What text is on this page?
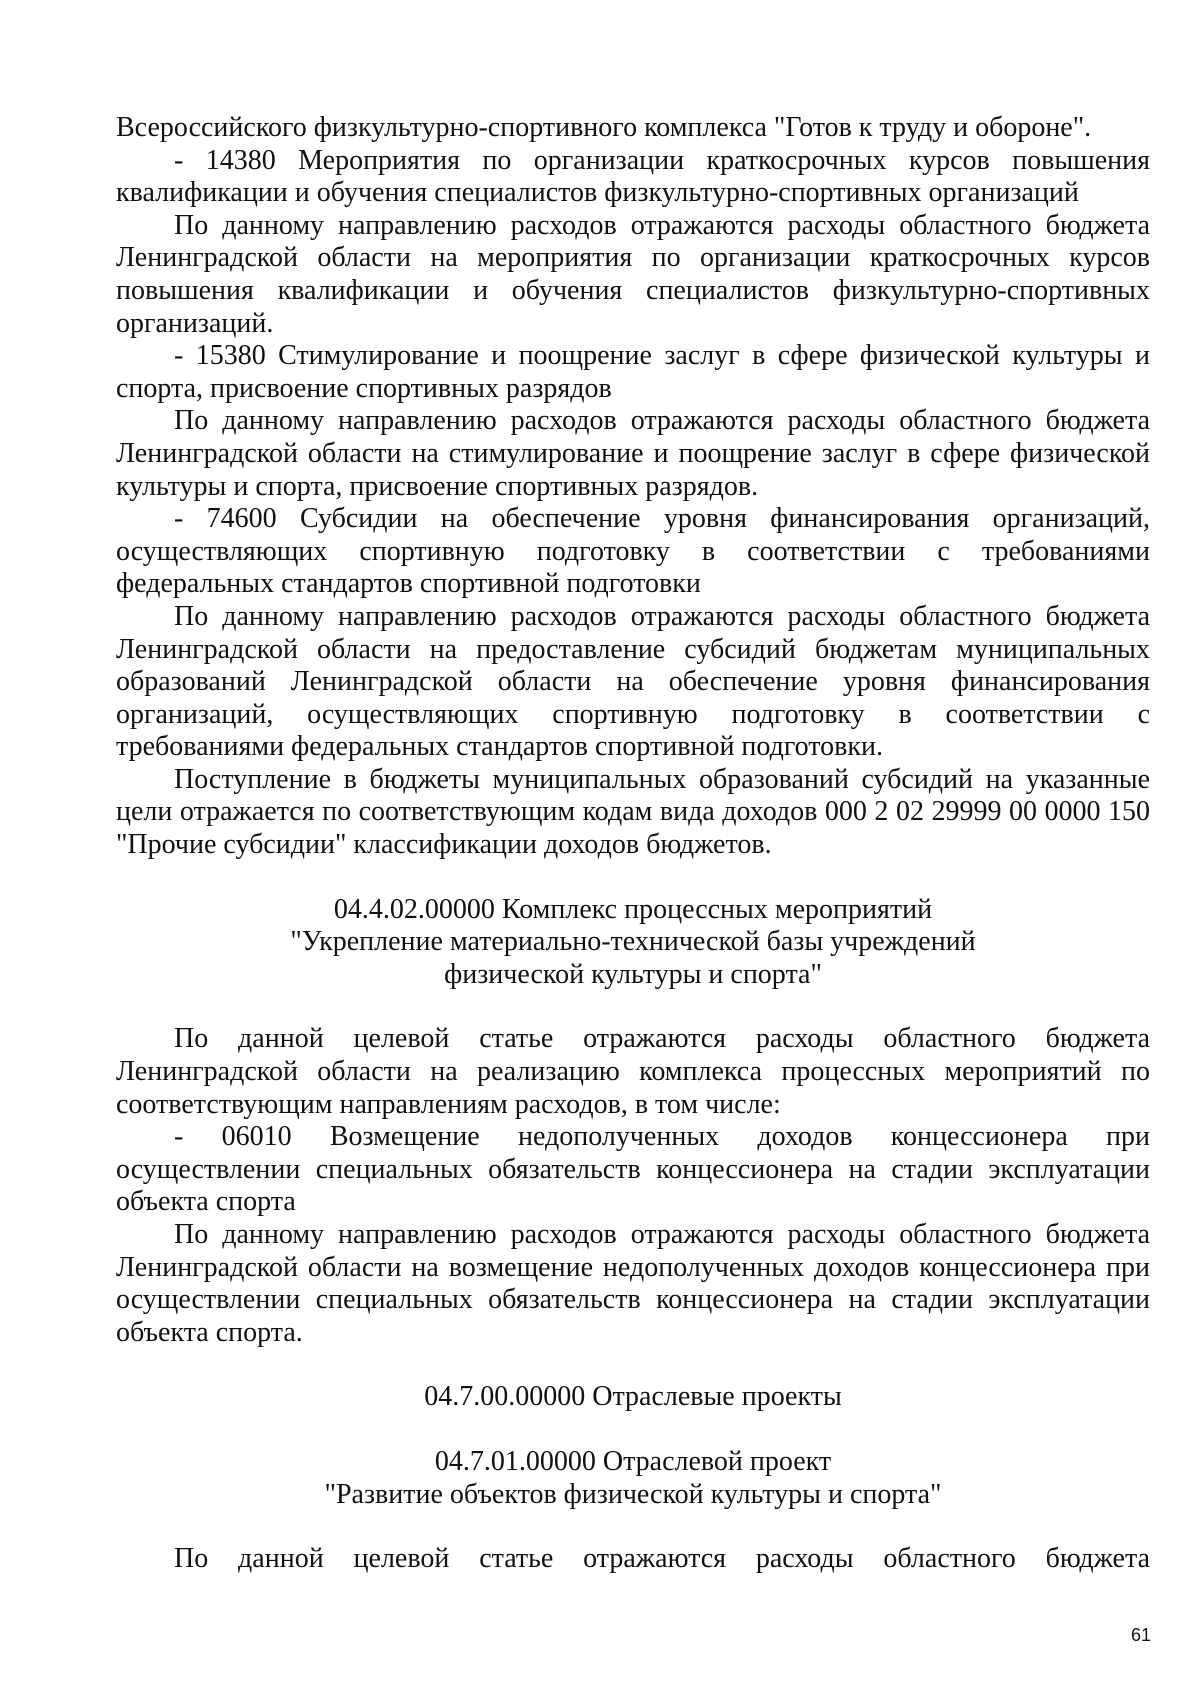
Всероссийского физкультурно-спортивного комплекса "Готов к труду и обороне".

- 14380 Мероприятия по организации краткосрочных курсов повышения квалификации и обучения специалистов физкультурно-спортивных организаций

По данному направлению расходов отражаются расходы областного бюджета Ленинградской области на мероприятия по организации краткосрочных курсов повышения квалификации и обучения специалистов физкультурно-спортивных организаций.

- 15380 Стимулирование и поощрение заслуг в сфере физической культуры и спорта, присвоение спортивных разрядов

По данному направлению расходов отражаются расходы областного бюджета Ленинградской области на стимулирование и поощрение заслуг в сфере физической культуры и спорта, присвоение спортивных разрядов.

- 74600 Субсидии на обеспечение уровня финансирования организаций, осуществляющих спортивную подготовку в соответствии с требованиями федеральных стандартов спортивной подготовки

По данному направлению расходов отражаются расходы областного бюджета Ленинградской области на предоставление субсидий бюджетам муниципальных образований Ленинградской области на обеспечение уровня финансирования организаций, осуществляющих спортивную подготовку в соответствии с требованиями федеральных стандартов спортивной подготовки.

Поступление в бюджеты муниципальных образований субсидий на указанные цели отражается по соответствующим кодам вида доходов 000 2 02 29999 00 0000 150 "Прочие субсидии" классификации доходов бюджетов.

04.4.02.00000 Комплекс процессных мероприятий
"Укрепление материально-технической базы учреждений
физической культуры и спорта"

По данной целевой статье отражаются расходы областного бюджета Ленинградской области на реализацию комплекса процессных мероприятий по соответствующим направлениям расходов, в том числе:

- 06010 Возмещение недополученных доходов концессионера при осуществлении специальных обязательств концессионера на стадии эксплуатации объекта спорта

По данному направлению расходов отражаются расходы областного бюджета Ленинградской области на возмещение недополученных доходов концессионера при осуществлении специальных обязательств концессионера на стадии эксплуатации объекта спорта.

04.7.00.00000 Отраслевые проекты
04.7.01.00000 Отраслевой проект
"Развитие объектов физической культуры и спорта"

По данной целевой статье отражаются расходы областного бюджета

61
